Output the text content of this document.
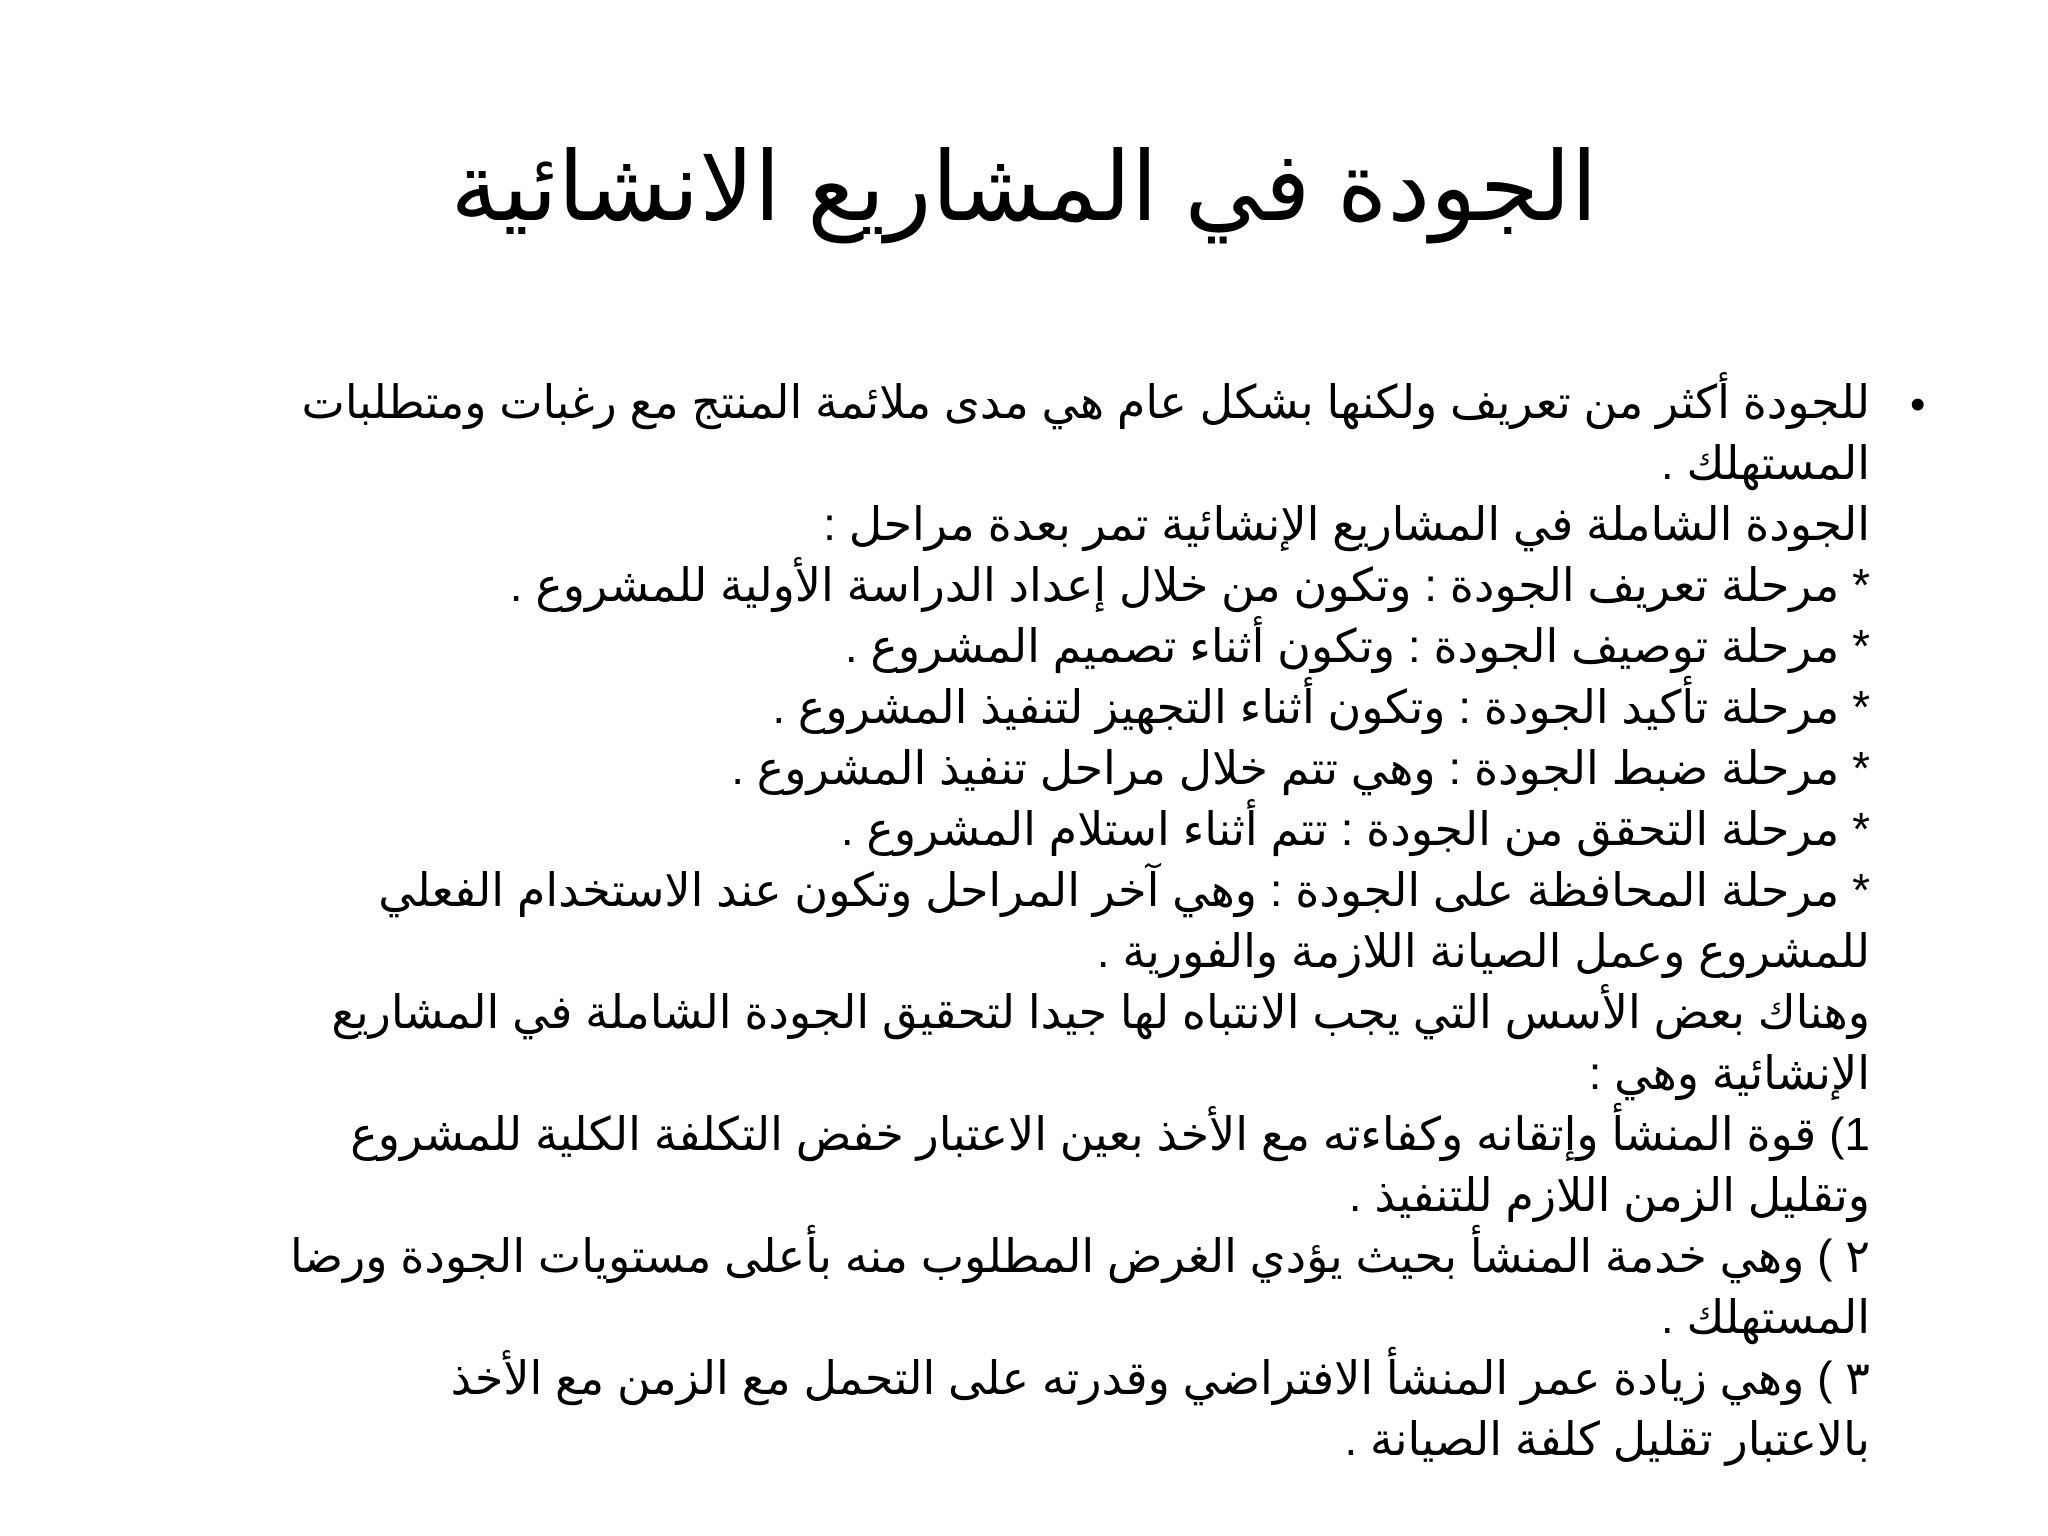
الجودة في المشاريع الانشائية
•
للجودة أكثر من تعريف ولكنها بشكل عام هي مدى ملائمة المنتج مع رغبات ومتطلبات
المستهلك .
الجودة الشاملة في المشاريع الإنشائية تمر بعدة مراحل :
* مرحلة تعريف الجودة : وتكون من خلال إعداد الدراسة الأولية للمشروع .
* مرحلة توصيف الجودة : وتكون أثناء تصميم المشروع .
* مرحلة تأكيد الجودة : وتكون أثناء التجهيز لتنفيذ المشروع .
* مرحلة ضبط الجودة : وهي تتم خلال مراحل تنفيذ المشروع .
* مرحلة التحقق من الجودة : تتم أثناء استلام المشروع .
* مرحلة المحافظة على الجودة : وهي آخر المراحل وتكون عند الاستخدام الفعلي
للمشروع وعمل الصيانة اللازمة والفورية .
وهناك بعض الأسس التي يجب الانتباه لها جيدا لتحقيق الجودة الشاملة في المشاريع
الإنشائية وهي :
1) قوة المنشأ وإتقانه وكفاءته مع الأخذ بعين الاعتبار خفض التكلفة الكلية للمشروع
وتقليل الزمن اللازم للتنفيذ .
٢ ) وهي خدمة المنشأ بحيث يؤدي الغرض المطلوب منه بأعلى مستويات الجودة ورضا
المستهلك .
٣ ) وهي زيادة عمر المنشأ الافتراضي وقدرته على التحمل مع الزمن مع الأخذ
بالاعتبار تقليل كلفة الصيانة .
